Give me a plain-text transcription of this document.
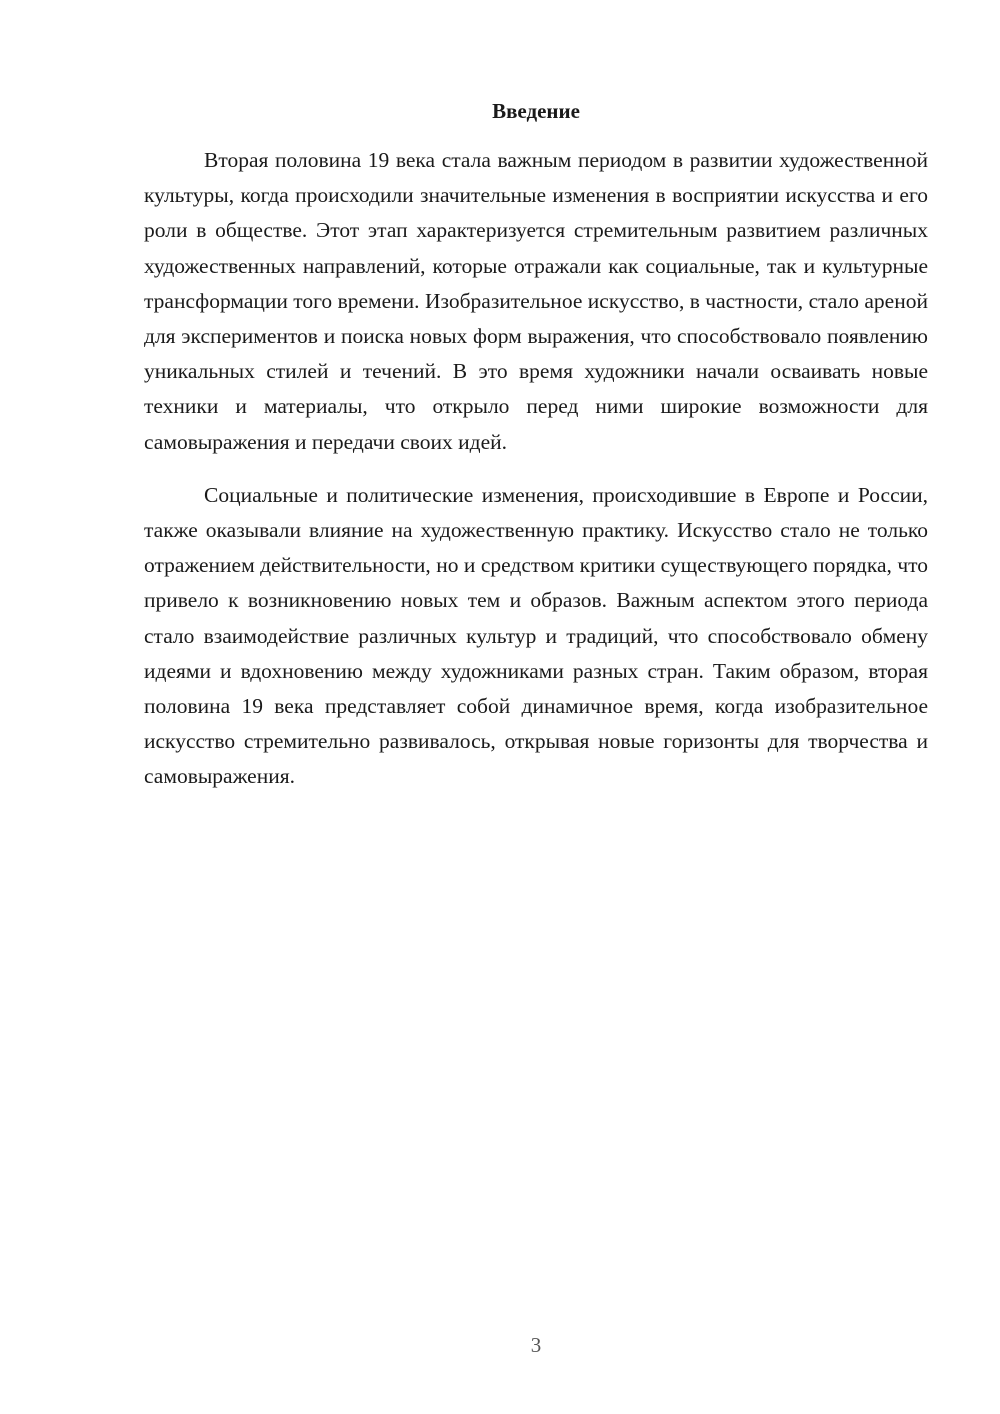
Введение

Вторая половина 19 века стала важным периодом в развитии художественной культуры, когда происходили значительные изменения в восприятии искусства и его роли в обществе. Этот этап характеризуется стремительным развитием различных художественных направлений, которые отражали как социальные, так и культурные трансформации того времени. Изобразительное искусство, в частности, стало ареной для экспериментов и поиска новых форм выражения, что способствовало появлению уникальных стилей и течений. В это время художники начали осваивать новые техники и материалы, что открыло перед ними широкие возможности для самовыражения и передачи своих идей.

Социальные и политические изменения, происходившие в Европе и России, также оказывали влияние на художественную практику. Искусство стало не только отражением действительности, но и средством критики существующего порядка, что привело к возникновению новых тем и образов. Важным аспектом этого периода стало взаимодействие различных культур и традиций, что способствовало обмену идеями и вдохновению между художниками разных стран. Таким образом, вторая половина 19 века представляет собой динамичное время, когда изобразительное искусство стремительно развивалось, открывая новые горизонты для творчества и самовыражения.

3
